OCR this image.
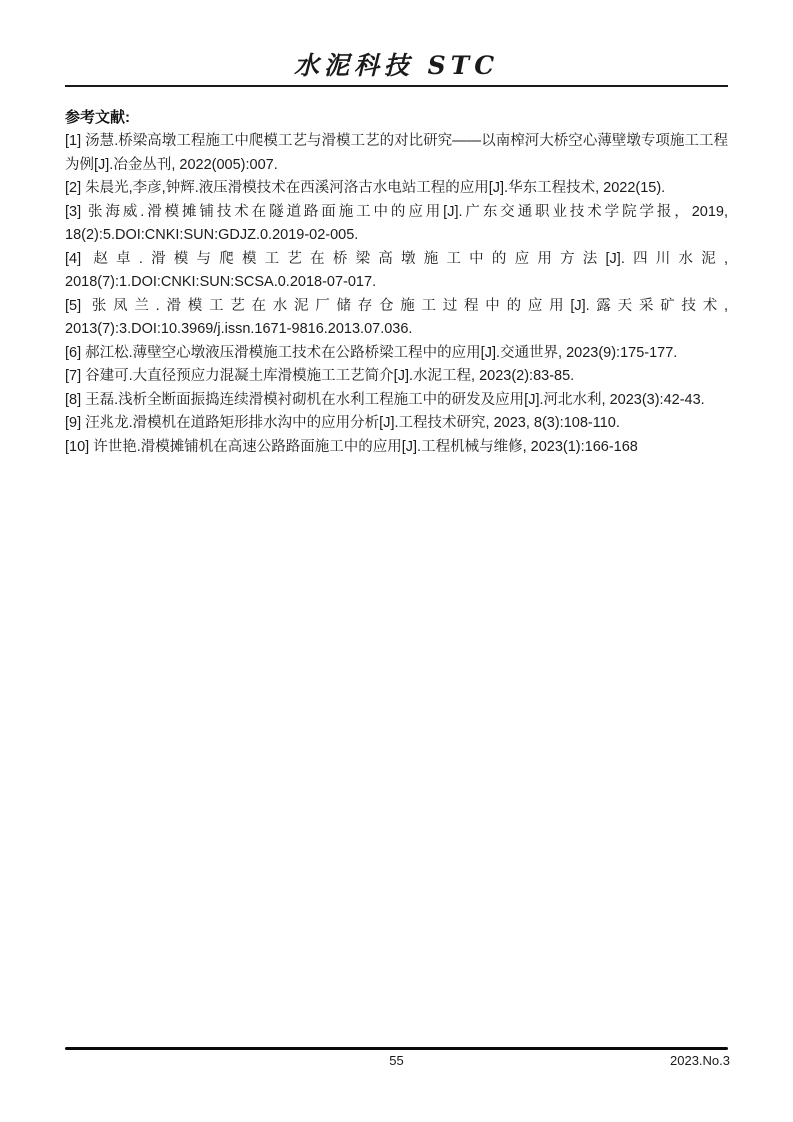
水泥科技 STC
参考文献:

[1] 汤慧.桥梁高墩工程施工中爬模工艺与滑模工艺的对比研究——以南榨河大桥空心薄壁墩专项施工工程为例[J].冶金丛刊, 2022(005):007.

[2] 朱晨光,李彦,钟辉.液压滑模技术在西溪河洛古水电站工程的应用[J].华东工程技术, 2022(15).

[3] 张海威.滑模摊铺技术在隧道路面施工中的应用[J].广东交通职业技术学院学报，2019, 18(2):5.DOI:CNKI:SUN:GDJZ.0.2019-02-005.

[4] 赵卓.滑模与爬模工艺在桥梁高墩施工中的应用方法[J].四川水泥, 2018(7):1.DOI:CNKI:SUN:SCSA.0.2018-07-017.

[5] 张凤兰.滑模工艺在水泥厂储存仓施工过程中的应用[J].露天采矿技术, 2013(7):3.DOI:10.3969/j.issn.1671-9816.2013.07.036.

[6] 郝江松.薄壁空心墩液压滑模施工技术在公路桥梁工程中的应用[J].交通世界, 2023(9):175-177.

[7] 谷建可.大直径预应力混凝土库滑模施工工艺简介[J].水泥工程, 2023(2):83-85.

[8] 王磊.浅析全断面振捣连续滑模衬砌机在水利工程施工中的研发及应用[J].河北水利, 2023(3):42-43.

[9] 汪兆龙.滑模机在道路矩形排水沟中的应用分析[J].工程技术研究, 2023, 8(3):108-110.

[10] 许世艳.滑模摊铺机在高速公路路面施工中的应用[J].工程机械与维修, 2023(1):166-168

55	2023.No.3
